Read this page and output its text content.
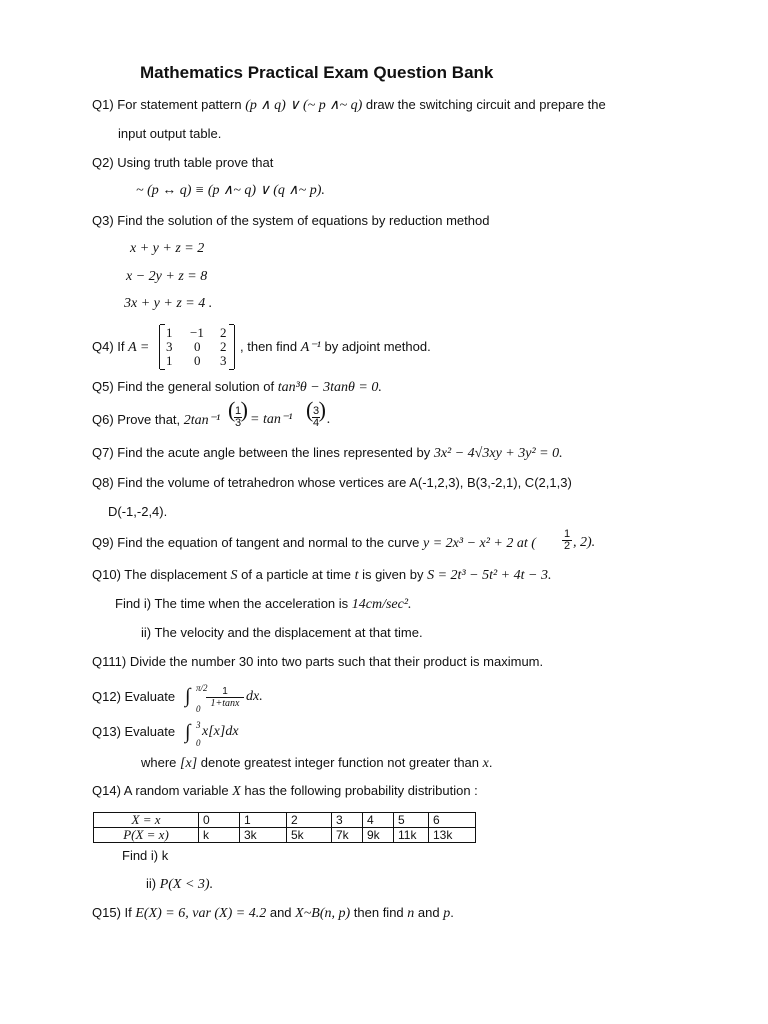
Mathematics Practical Exam Question Bank
Q1) For statement pattern (p ∧ q) ∨ (~ p ∧~ q) draw the switching circuit and prepare the
input output table.
Q2) Using truth table prove that
~ (p ↔ q) ≡ (p ∧~ q) ∨ (q ∧~ p).
Q3) Find the solution of the system of equations by reduction method
x + y + z = 2
x − 2y + z = 8
3x + y + z = 4 .
Q4) If A =
1 −1 2
3 0 2
1 0 3
, then find A⁻¹ by adjoint method.
Q5) Find the general solution of tan³θ − 3tanθ = 0.
Q6) Prove that, 2tan⁻¹ ( 1
3
) = tan⁻¹ ( 3
4
) .
Q7) Find the acute angle between the lines represented by 3x² − 4√3xy + 3y² = 0.
Q8) Find the volume of tetrahedron whose vertices are A(-1,2,3), B(3,-2,1), C(2,1,3)
D(-1,-2,4).
Q9) Find the equation of tangent and normal to the curve y = 2x³ − x² + 2 at (
1
2 , 2).
Q10) The displacement S of a particle at time t is given by S = 2t³ − 5t² + 4t − 3.
Find i) The time when the acceleration is 14cm/sec².
ii) The velocity and the displacement at that time.
Q111) Divide the number 30 into two parts such that their product is maximum.
Q12) Evaluate ∫ π/2
0
1
1+tanx dx.
Q13) Evaluate ∫ 3
0
x[x]dx
where [x] denote greatest integer function not greater than x.
Q14) A random variable X has the following probability distribution :
X = x	0	1	2	3	4	5	6
P(X = x)	k	3k	5k	7k	9k	11k	13k
Find i) k
ii) P(X < 3).
Q15) If E(X) = 6, var (X) = 4.2 and X~B(n, p) then find n and p.
